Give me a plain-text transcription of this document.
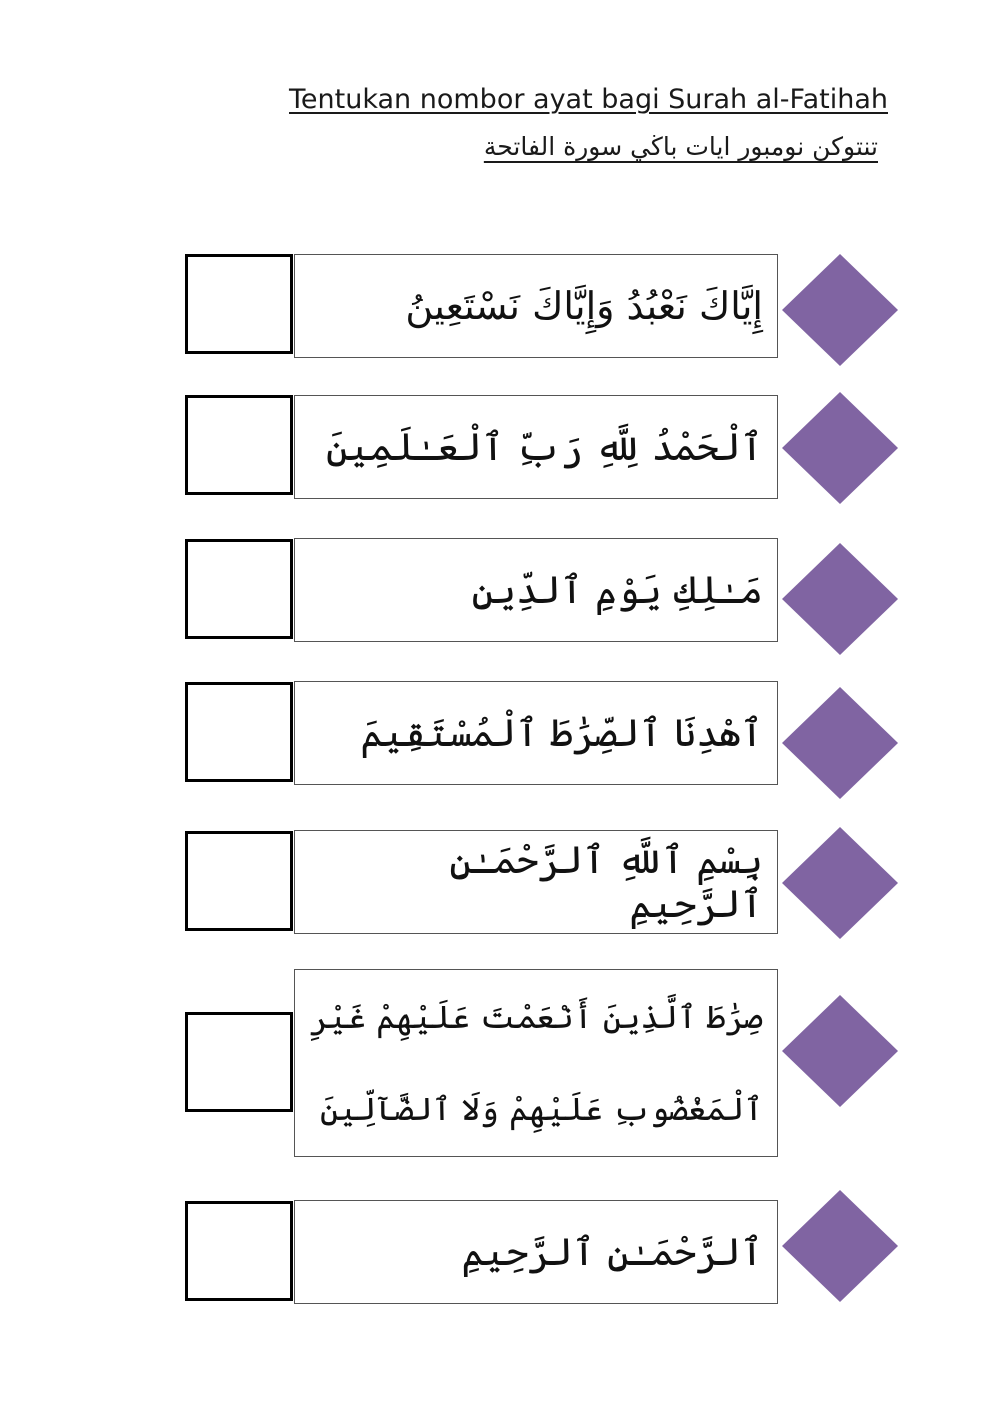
Tentukan nombor ayat bagi Surah al-Fatihah
تنتوكن نومبور ايات باڬي سورة الفاتحة
إِيَّاكَ نَعْبُدُ وَإِيَّاكَ نَسْتَعِينُ
ٱلْحَمْدُ لِلَّهِ رَبِّ ٱلْعَـٰلَمِينَ
مَـٰلِكِ يَوْمِ ٱلدِّينِ
ٱهْدِنَا ٱلصِّرَٰطَ ٱلْمُسْتَقِيمَ
بِسْمِ ٱللَّهِ ٱلرَّحْمَـٰنِ ٱلرَّحِيمِ
صِرَٰطَ ٱلَّذِينَ أَنْعَمْتَ عَلَيْهِمْ غَيْرِ ٱلْمَغْضُوبِ عَلَيْهِمْ وَلَا ٱلضَّآلِّينَ
ٱلرَّحْمَـٰنِ ٱلرَّحِيمِ
